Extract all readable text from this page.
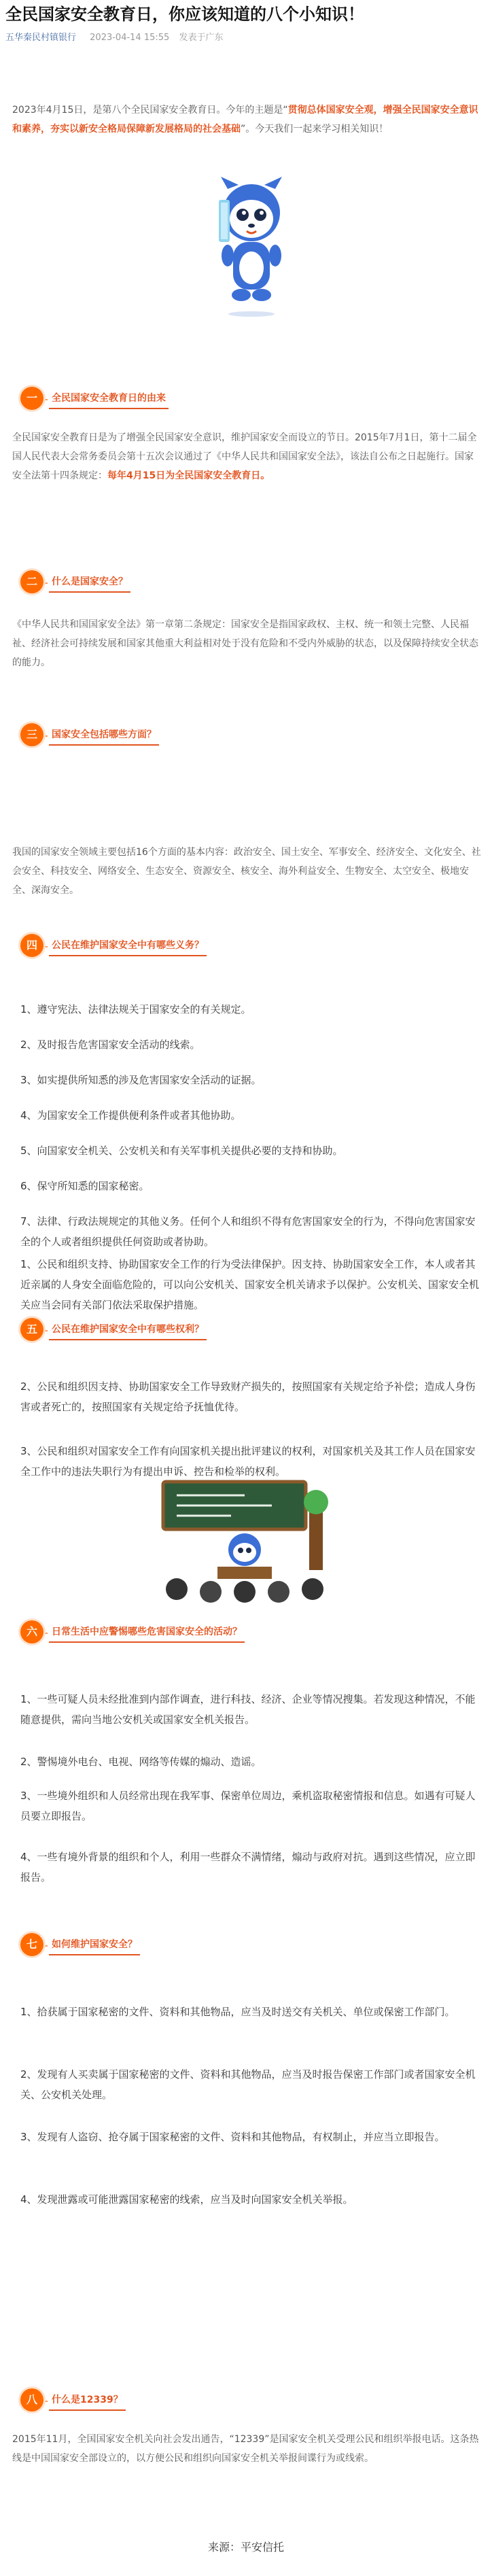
全民国家安全教育日，你应该知道的八个小知识！
五华秦民村镇银行 2023-04-14 15:55 发表于广东
2023年4月15日，是第八个全民国家安全教育日。今年的主题是“贯彻总体国家安全观，增强全民国家安全意识和素养，夯实以新安全格局保障新发展格局的社会基础”。今天我们一起来学习相关知识！
一	全民国家安全教育日的由来
全民国家安全教育日是为了增强全民国家安全意识，维护国家安全而设立的节日。2015年7月1日，第十二届全国人民代表大会常务委员会第十五次会议通过了《中华人民共和国国家安全法》，该法自公布之日起施行。国家安全法第十四条规定：每年4月15日为全民国家安全教育日。
二	什么是国家安全？
《中华人民共和国国家安全法》第一章第二条规定：国家安全是指国家政权、主权、统一和领土完整、人民福祉、经济社会可持续发展和国家其他重大利益相对处于没有危险和不受内外威胁的状态，以及保障持续安全状态的能力。
三	国家安全包括哪些方面？
我国的国家安全领域主要包括16个方面的基本内容：政治安全、国土安全、军事安全、经济安全、文化安全、社会安全、科技安全、网络安全、生态安全、资源安全、核安全、海外利益安全、生物安全、太空安全、极地安全、深海安全。
四	公民在维护国家安全中有哪些义务？
1、遵守宪法、法律法规关于国家安全的有关规定。
2、及时报告危害国家安全活动的线索。
3、如实提供所知悉的涉及危害国家安全活动的证据。
4、为国家安全工作提供便利条件或者其他协助。
5、向国家安全机关、公安机关和有关军事机关提供必要的支持和协助。
6、保守所知悉的国家秘密。
7、法律、行政法规规定的其他义务。任何个人和组织不得有危害国家安全的行为，不得向危害国家安全的个人或者组织提供任何资助或者协助。
五	公民在维护国家安全中有哪些权利？
1、公民和组织支持、协助国家安全工作的行为受法律保护。因支持、协助国家安全工作，本人或者其近亲属的人身安全面临危险的，可以向公安机关、国家安全机关请求予以保护。公安机关、国家安全机关应当会同有关部门依法采取保护措施。
2、公民和组织因支持、协助国家安全工作导致财产损失的，按照国家有关规定给予补偿；造成人身伤害或者死亡的，按照国家有关规定给予抚恤优待。
3、公民和组织对国家安全工作有向国家机关提出批评建议的权利，对国家机关及其工作人员在国家安全工作中的违法失职行为有提出申诉、控告和检举的权利。
六	日常生活中应警惕哪些危害国家安全的活动？
1、一些可疑人员未经批准到内部作调查，进行科技、经济、企业等情况搜集。若发现这种情况，不能随意提供，需向当地公安机关或国家安全机关报告。
2、警惕境外电台、电视、网络等传媒的煽动、造谣。
3、一些境外组织和人员经常出现在我军事、保密单位周边，乘机盗取秘密情报和信息。如遇有可疑人员要立即报告。
4、一些有境外背景的组织和个人，利用一些群众不满情绪，煽动与政府对抗。遇到这些情况，应立即报告。
七	如何维护国家安全？
1、拾获属于国家秘密的文件、资料和其他物品，应当及时送交有关机关、单位或保密工作部门。
2、发现有人买卖属于国家秘密的文件、资料和其他物品，应当及时报告保密工作部门或者国家安全机关、公安机关处理。
3、发现有人盗窃、抢夺属于国家秘密的文件、资料和其他物品，有权制止，并应当立即报告。
4、发现泄露或可能泄露国家秘密的线索，应当及时向国家安全机关举报。
八	什么是12339？
2015年11月，全国国家安全机关向社会发出通告，“12339”是国家安全机关受理公民和组织举报电话。这条热线是中国国家安全部设立的，以方便公民和组织向国家安全机关举报间谍行为或线索。
来源：平安信托
